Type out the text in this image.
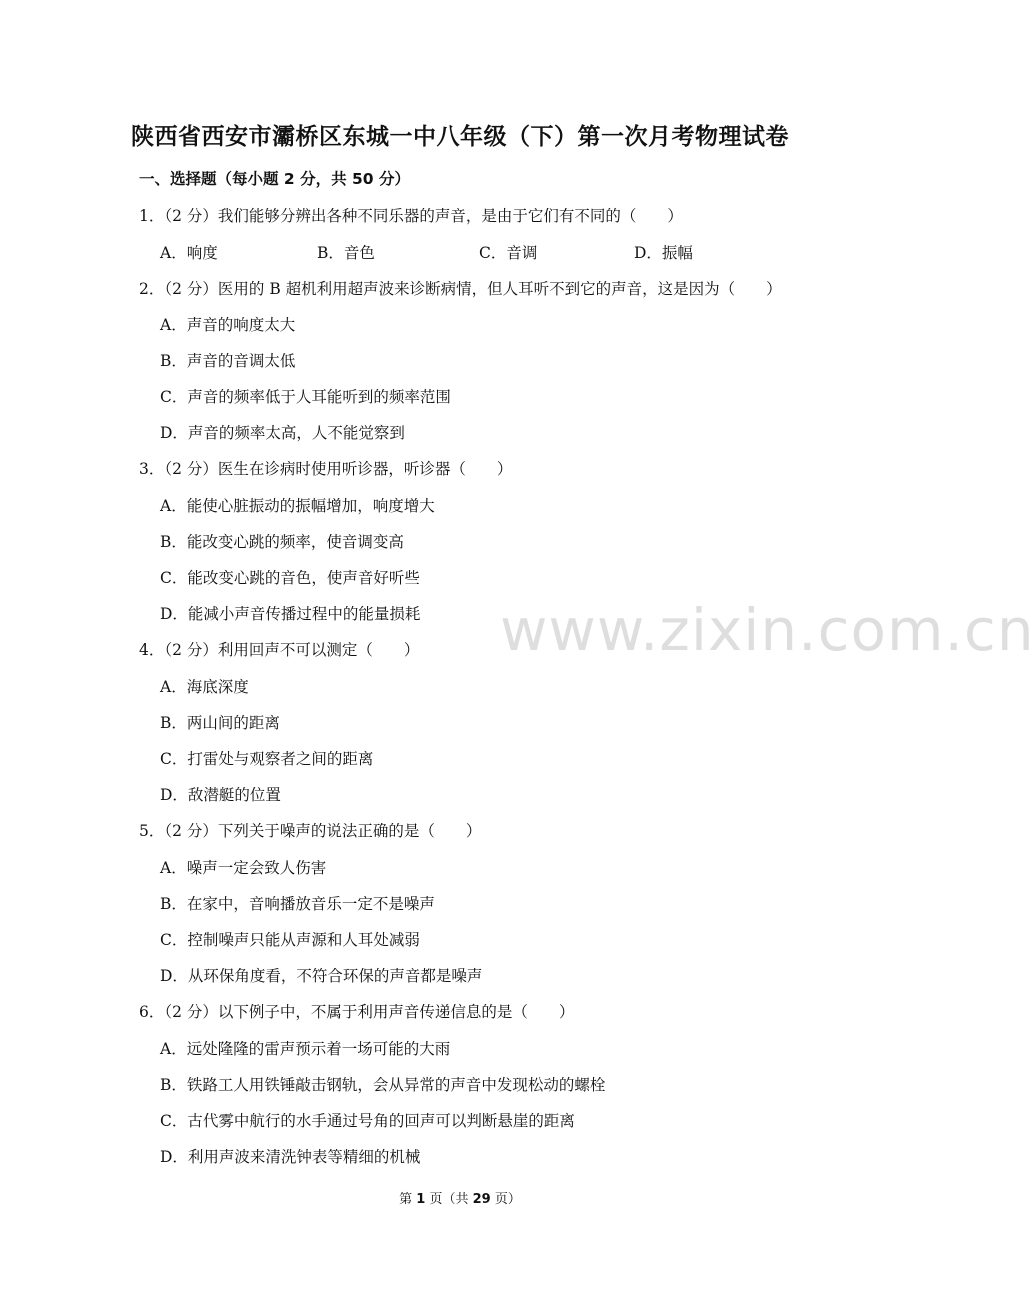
陕西省西安市灞桥区东城一中八年级（下）第一次月考物理试卷
一、选择题（每小题 2 分，共 50 分）
1．（2 分）我们能够分辨出各种不同乐器的声音，是由于它们有不同的（　　）
A．响度	B．音色	C．音调	D．振幅
2．（2 分）医用的 B 超机利用超声波来诊断病情，但人耳听不到它的声音，这是因为（　　）
A．声音的响度太大
B．声音的音调太低
C．声音的频率低于人耳能听到的频率范围
D．声音的频率太高，人不能觉察到
3．（2 分）医生在诊病时使用听诊器，听诊器（　　）
A．能使心脏振动的振幅增加，响度增大
B．能改变心跳的频率，使音调变高
C．能改变心跳的音色，使声音好听些
D．能减小声音传播过程中的能量损耗
4．（2 分）利用回声不可以测定（　　）
A．海底深度
B．两山间的距离
C．打雷处与观察者之间的距离
D．敌潜艇的位置
5．（2 分）下列关于噪声的说法正确的是（　　）
A．噪声一定会致人伤害
B．在家中，音响播放音乐一定不是噪声
C．控制噪声只能从声源和人耳处减弱
D．从环保角度看，不符合环保的声音都是噪声
6．（2 分）以下例子中，不属于利用声音传递信息的是（　　）
A．远处隆隆的雷声预示着一场可能的大雨
B．铁路工人用铁锤敲击钢轨，会从异常的声音中发现松动的螺栓
C．古代雾中航行的水手通过号角的回声可以判断悬崖的距离
D．利用声波来清洗钟表等精细的机械
www.zixin.com.cn
第 1 页（共 29 页）
